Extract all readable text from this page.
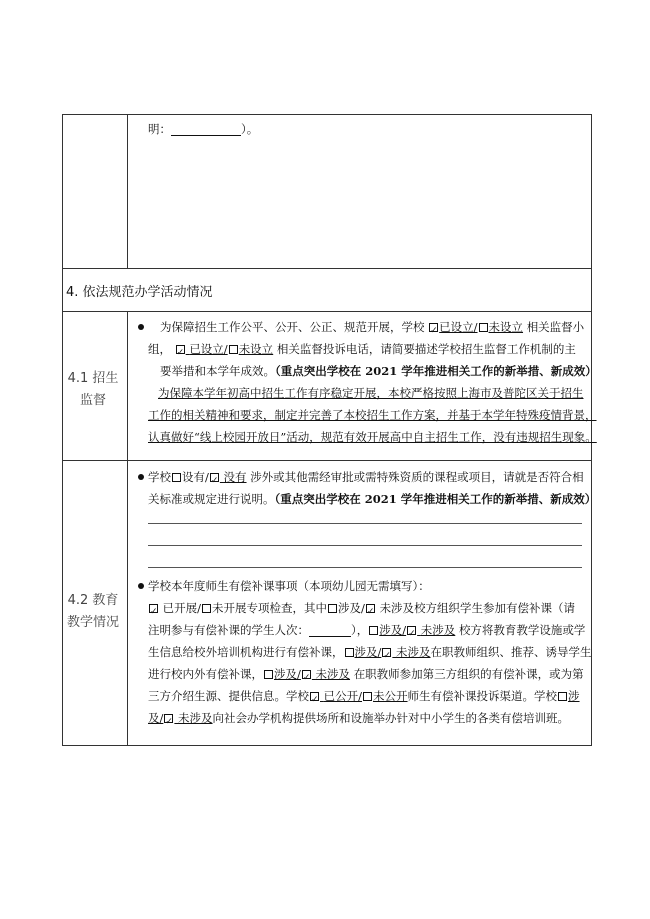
明：	）。
4. 依法规范办学活动情况
4.1 招生
监督
为保障招生工作公平、公开、公正、规范开展，学校 ✓ 已设立/ 未设立 相关监督小
组， ✓ 已设立/ 未设立 相关监督投诉电话，请简要描述学校招生监督工作机制的主
要举措和本学年成效。（重点突出学校在 2021 学年推进相关工作的新举措、新成效）
为保障本学年初高中招生工作有序稳定开展，本校严格按照上海市及普陀区关于招生
工作的相关精神和要求，制定并完善了本校招生工作方案，并基于本学年特殊疫情背景，
认真做好“线上校园开放日”活动，规范有效开展高中自主招生工作，没有违规招生现象。
4.2 教育
教学情况
学校 设有/ ✓ 没有 涉外或其他需经审批或需特殊资质的课程或项目，请就是否符合相
关标准或规定进行说明。（重点突出学校在 2021 学年推进相关工作的新举措、新成效）
学校本年度师生有偿补课事项（本项幼儿园无需填写）：
✓ 已开展/ 未开展专项检查，其中 涉及/ ✓ 未涉及校方组织学生参加有偿补课（请
注明参与有偿补课的学生人次：	）， 涉及/ ✓ 未涉及 校方将教育教学设施或学
生信息给校外培训机构进行有偿补课， 涉及/ ✓ 未涉及在职教师组织、推荐、诱导学生
进行校内外有偿补课， 涉及/ ✓ 未涉及 在职教师参加第三方组织的有偿补课，或为第
三方介绍生源、提供信息。学校 ✓ 已公开/ 未公开师生有偿补课投诉渠道。学校 涉
及/ ✓ 未涉及向社会办学机构提供场所和设施举办针对中小学生的各类有偿培训班。
